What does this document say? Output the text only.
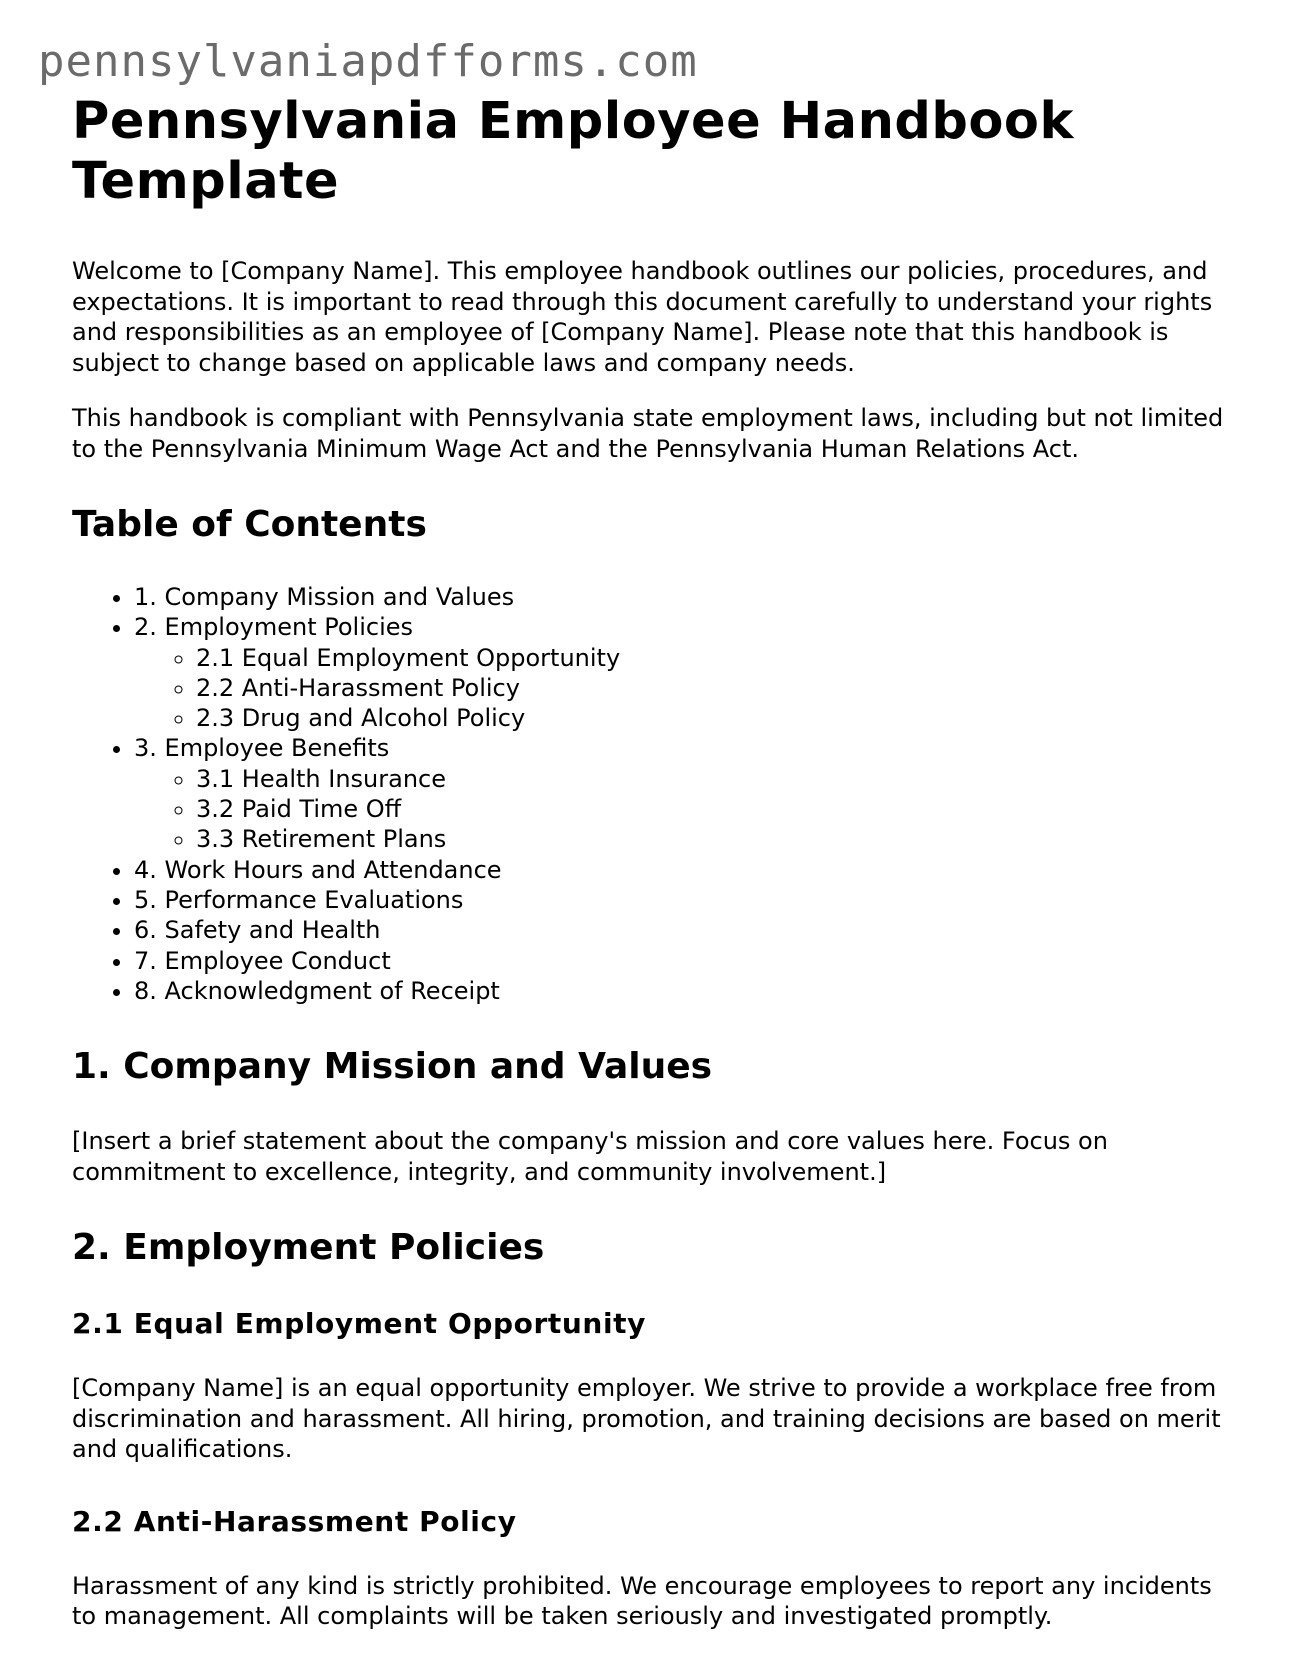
pennsylvaniapdfforms.com
Pennsylvania Employee Handbook Template

Welcome to [Company Name]. This employee handbook outlines our policies, procedures, and expectations. It is important to read through this document carefully to understand your rights and responsibilities as an employee of [Company Name]. Please note that this handbook is subject to change based on applicable laws and company needs.

This handbook is compliant with Pennsylvania state employment laws, including but not limited to the Pennsylvania Minimum Wage Act and the Pennsylvania Human Relations Act.

Table of Contents
• 1. Company Mission and Values
• 2. Employment Policies
◦ 2.1 Equal Employment Opportunity
◦ 2.2 Anti-Harassment Policy
◦ 2.3 Drug and Alcohol Policy
• 3. Employee Benefits
◦ 3.1 Health Insurance
◦ 3.2 Paid Time Off
◦ 3.3 Retirement Plans
• 4. Work Hours and Attendance
• 5. Performance Evaluations
• 6. Safety and Health
• 7. Employee Conduct
• 8. Acknowledgment of Receipt
1. Company Mission and Values

[Insert a brief statement about the company's mission and core values here. Focus on commitment to excellence, integrity, and community involvement.]

2. Employment Policies
2.1 Equal Employment Opportunity

[Company Name] is an equal opportunity employer. We strive to provide a workplace free from discrimination and harassment. All hiring, promotion, and training decisions are based on merit and qualifications.

2.2 Anti-Harassment Policy

Harassment of any kind is strictly prohibited. We encourage employees to report any incidents to management. All complaints will be taken seriously and investigated promptly.
